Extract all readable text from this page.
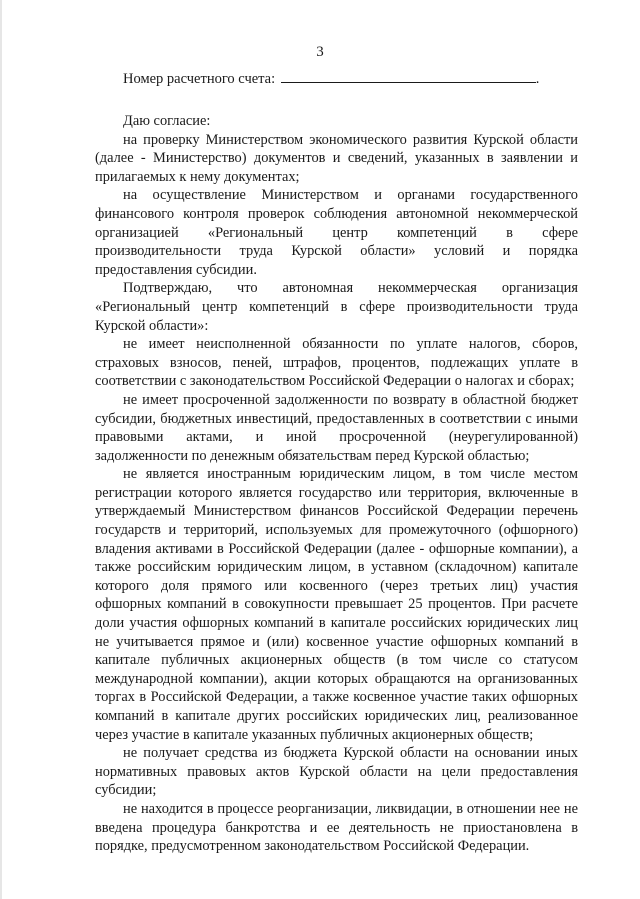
3
Номер расчетного счета:	.

Даю согласие:

на проверку Министерством экономического развития Курской области (далее - Министерство) документов и сведений, указанных в заявлении и прилагаемых к нему документах;

на осуществление Министерством и органами государственного финансового контроля проверок соблюдения автономной некоммерческой организацией «Региональный центр компетенций в сфере производительности труда Курской области» условий и порядка предоставления субсидии.

Подтверждаю, что автономная некоммерческая организация «Региональный центр компетенций в сфере производительности труда Курской области»:

не имеет неисполненной обязанности по уплате налогов, сборов, страховых взносов, пеней, штрафов, процентов, подлежащих уплате в соответствии с законодательством Российской Федерации о налогах и сборах;

не имеет просроченной задолженности по возврату в областной бюджет субсидии, бюджетных инвестиций, предоставленных в соответствии с иными правовыми актами, и иной просроченной (неурегулированной) задолженности по денежным обязательствам перед Курской областью;

не является иностранным юридическим лицом, в том числе местом регистрации которого является государство или территория, включенные в утверждаемый Министерством финансов Российской Федерации перечень государств и территорий, используемых для промежуточного (офшорного) владения активами в Российской Федерации (далее - офшорные компании), а также российским юридическим лицом, в уставном (складочном) капитале которого доля прямого или косвенного (через третьих лиц) участия офшорных компаний в совокупности превышает 25 процентов. При расчете доли участия офшорных компаний в капитале российских юридических лиц не учитывается прямое и (или) косвенное участие офшорных компаний в капитале публичных акционерных обществ (в том числе со статусом международной компании), акции которых обращаются на организованных торгах в Российской Федерации, а также косвенное участие таких офшорных компаний в капитале других российских юридических лиц, реализованное через участие в капитале указанных публичных акционерных обществ;

не получает средства из бюджета Курской области на основании иных нормативных правовых актов Курской области на цели предоставления субсидии;

не находится в процессе реорганизации, ликвидации, в отношении нее не введена процедура банкротства и ее деятельность не приостановлена в порядке, предусмотренном законодательством Российской Федерации.
